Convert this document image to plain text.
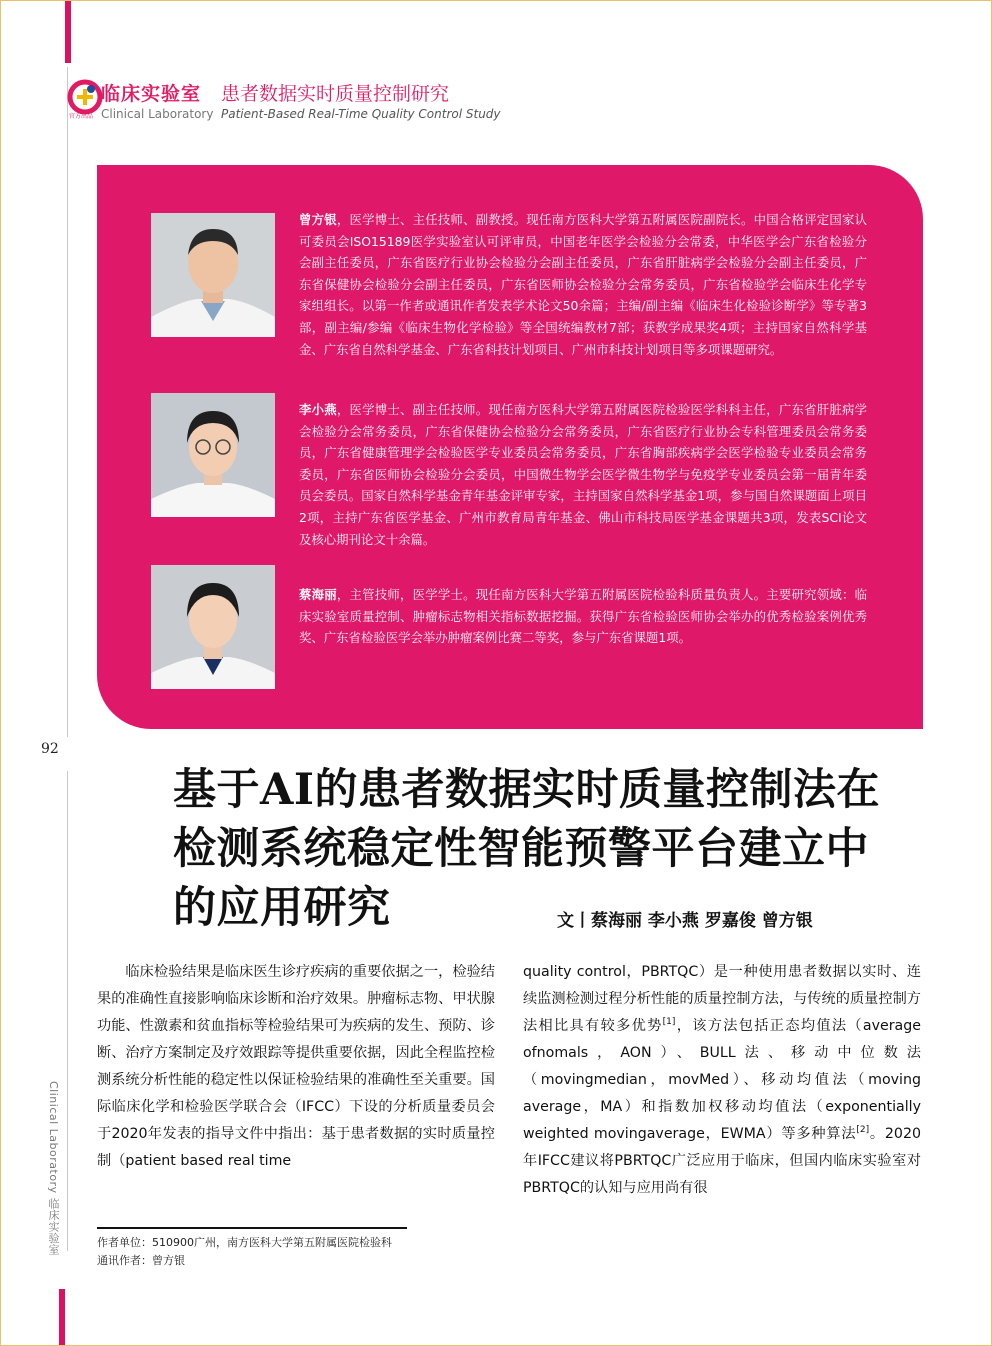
官方出品
临床实验室
Clinical Laboratory
患者数据实时质量控制研究
Patient-Based Real-Time Quality Control Study
曾方银，医学博士、主任技师、副教授。现任南方医科大学第五附属医院副院长。中国合格评定国家认可委员会ISO15189医学实验室认可评审员，中国老年医学会检验分会常委，中华医学会广东省检验分会副主任委员，广东省医疗行业协会检验分会副主任委员，广东省肝脏病学会检验分会副主任委员，广东省保健协会检验分会副主任委员，广东省医师协会检验分会常务委员，广东省检验学会临床生化学专家组组长。以第一作者或通讯作者发表学术论文50余篇；主编/副主编《临床生化检验诊断学》等专著3部，副主编/参编《临床生物化学检验》等全国统编教材7部；获教学成果奖4项；主持国家自然科学基金、广东省自然科学基金、广东省科技计划项目、广州市科技计划项目等多项课题研究。
李小燕，医学博士、副主任技师。现任南方医科大学第五附属医院检验医学科科主任，广东省肝脏病学会检验分会常务委员，广东省保健协会检验分会常务委员，广东省医疗行业协会专科管理委员会常务委员，广东省健康管理学会检验医学专业委员会常务委员，广东省胸部疾病学会医学检验专业委员会常务委员，广东省医师协会检验分会委员，中国微生物学会医学微生物学与免疫学专业委员会第一届青年委员会委员。国家自然科学基金青年基金评审专家，主持国家自然科学基金1项，参与国自然课题面上项目2项，主持广东省医学基金、广州市教育局青年基金、佛山市科技局医学基金课题共3项，发表SCI论文及核心期刊论文十余篇。
蔡海丽，主管技师，医学学士。现任南方医科大学第五附属医院检验科质量负责人。主要研究领域：临床实验室质量控制、肿瘤标志物相关指标数据挖掘。获得广东省检验医师协会举办的优秀检验案例优秀奖、广东省检验医学会举办肿瘤案例比赛二等奖，参与广东省课题1项。
92
基于AI的患者数据实时质量控制法在
检测系统稳定性智能预警平台建立中
的应用研究	文丨蔡海丽 李小燕 罗嘉俊 曾方银
　　临床检验结果是临床医生诊疗疾病的重要依据之一，检验结果的准确性直接影响临床诊断和治疗效果。肿瘤标志物、甲状腺功能、性激素和贫血指标等检验结果可为疾病的发生、预防、诊断、治疗方案制定及疗效跟踪等提供重要依据，因此全程监控检测系统分析性能的稳定性以保证检验结果的准确性至关重要。国际临床化学和检验医学联合会（IFCC）下设的分析质量委员会于2020年发表的指导文件中指出：基于患者数据的实时质量控制（patient based real time
quality control，PBRTQC）是一种使用患者数据以实时、连续监测检测过程分析性能的质量控制方法，与传统的质量控制方法相比具有较多优势[1]，该方法包括正态均值法（average ofnomals，AON）、BULL法、移动中位数法（movingmedian，movMed）、移动均值法（moving average，MA）和指数加权移动均值法（exponentially weighted movingaverage，EWMA）等多种算法[2]。2020年IFCC建议将PBRTQC广泛应用于临床，但国内临床实验室对PBRTQC的认知与应用尚有很
Clinical Laboratory 临床实验室	作者单位：510900广州，南方医科大学第五附属医院检验科
通讯作者：曾方银
